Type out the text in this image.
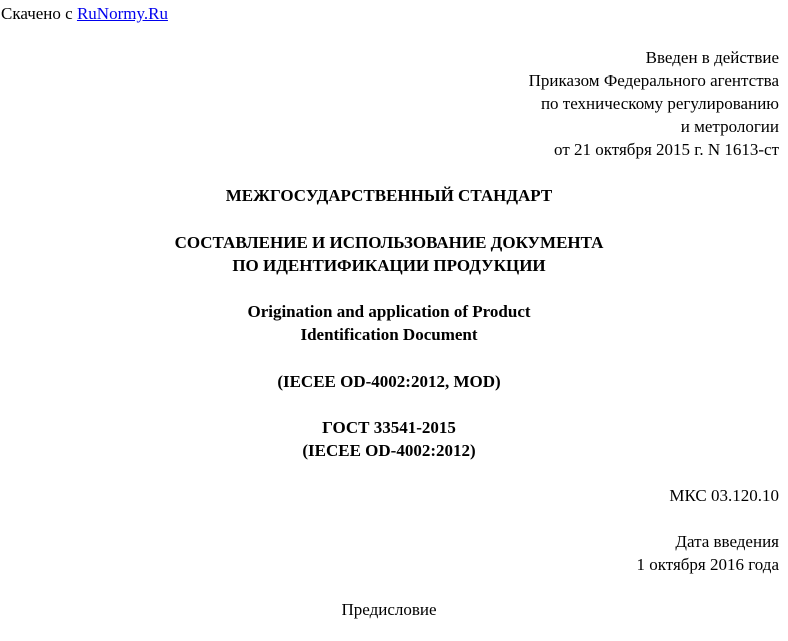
Скачено с RuNormy.Ru
Введен в действие
Приказом Федерального агентства
по техническому регулированию
и метрологии
от 21 октября 2015 г. N 1613-ст
МЕЖГОСУДАРСТВЕННЫЙ СТАНДАРТ
СОСТАВЛЕНИЕ И ИСПОЛЬЗОВАНИЕ ДОКУМЕНТА
ПО ИДЕНТИФИКАЦИИ ПРОДУКЦИИ
Origination and application of Product
Identification Document
(IECEE OD-4002:2012, MOD)
ГОСТ 33541-2015
(IECEE OD-4002:2012)
МКС 03.120.10
Дата введения
1 октября 2016 года
Предисловие
